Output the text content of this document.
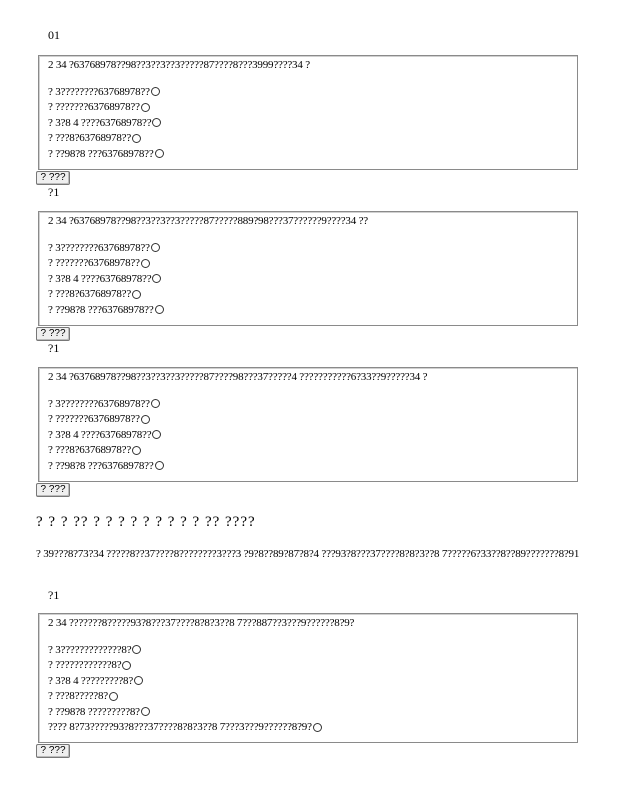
01
2 34 ?63768978??98??3??3??3?????87????8???3999????34 ?
? 3????????63768978??
? ???????63768978??
? 3?8 4 ????63768978??
? ???8?63768978??
? ??98?8 ???63768978??
? ???
?1
2 34 ?63768978??98??3??3??3?????87?????889?98???37??????9????34 ??
? 3????????63768978??
? ???????63768978??
? 3?8 4 ????63768978??
? ???8?63768978??
? ??98?8 ???63768978??
? ???
?1
2 34 ?63768978??98??3??3??3?????87????98???37?????4 ???????????6?33??9?????34 ?
? 3????????63768978??
? ???????63768978??
? 3?8 4 ????63768978??
? ???8?63768978??
? ??98?8 ???63768978??
? ???
? ? ? ?? ? ? ? ? ? ? ? ? ? ?? ????
? 39???8?73?34 ?????8??37????8????????3???3 ?9?8??89?87?8?4 ???93?8???37????8?8?3??8 7?????6?33??8??89???????8?91
?1
2 34 ???????8?????93?8???37????8?8?3??8 7???887??3???9??????8?9?
? 3?????????????8?
? ????????????8?
? 3?8 4 ?????????8?
? ???8?????8?
? ??98?8 ?????????8?
???? 8?73?????93?8???37????8?8?3??8 7???3???9??????8?9?
? ???
